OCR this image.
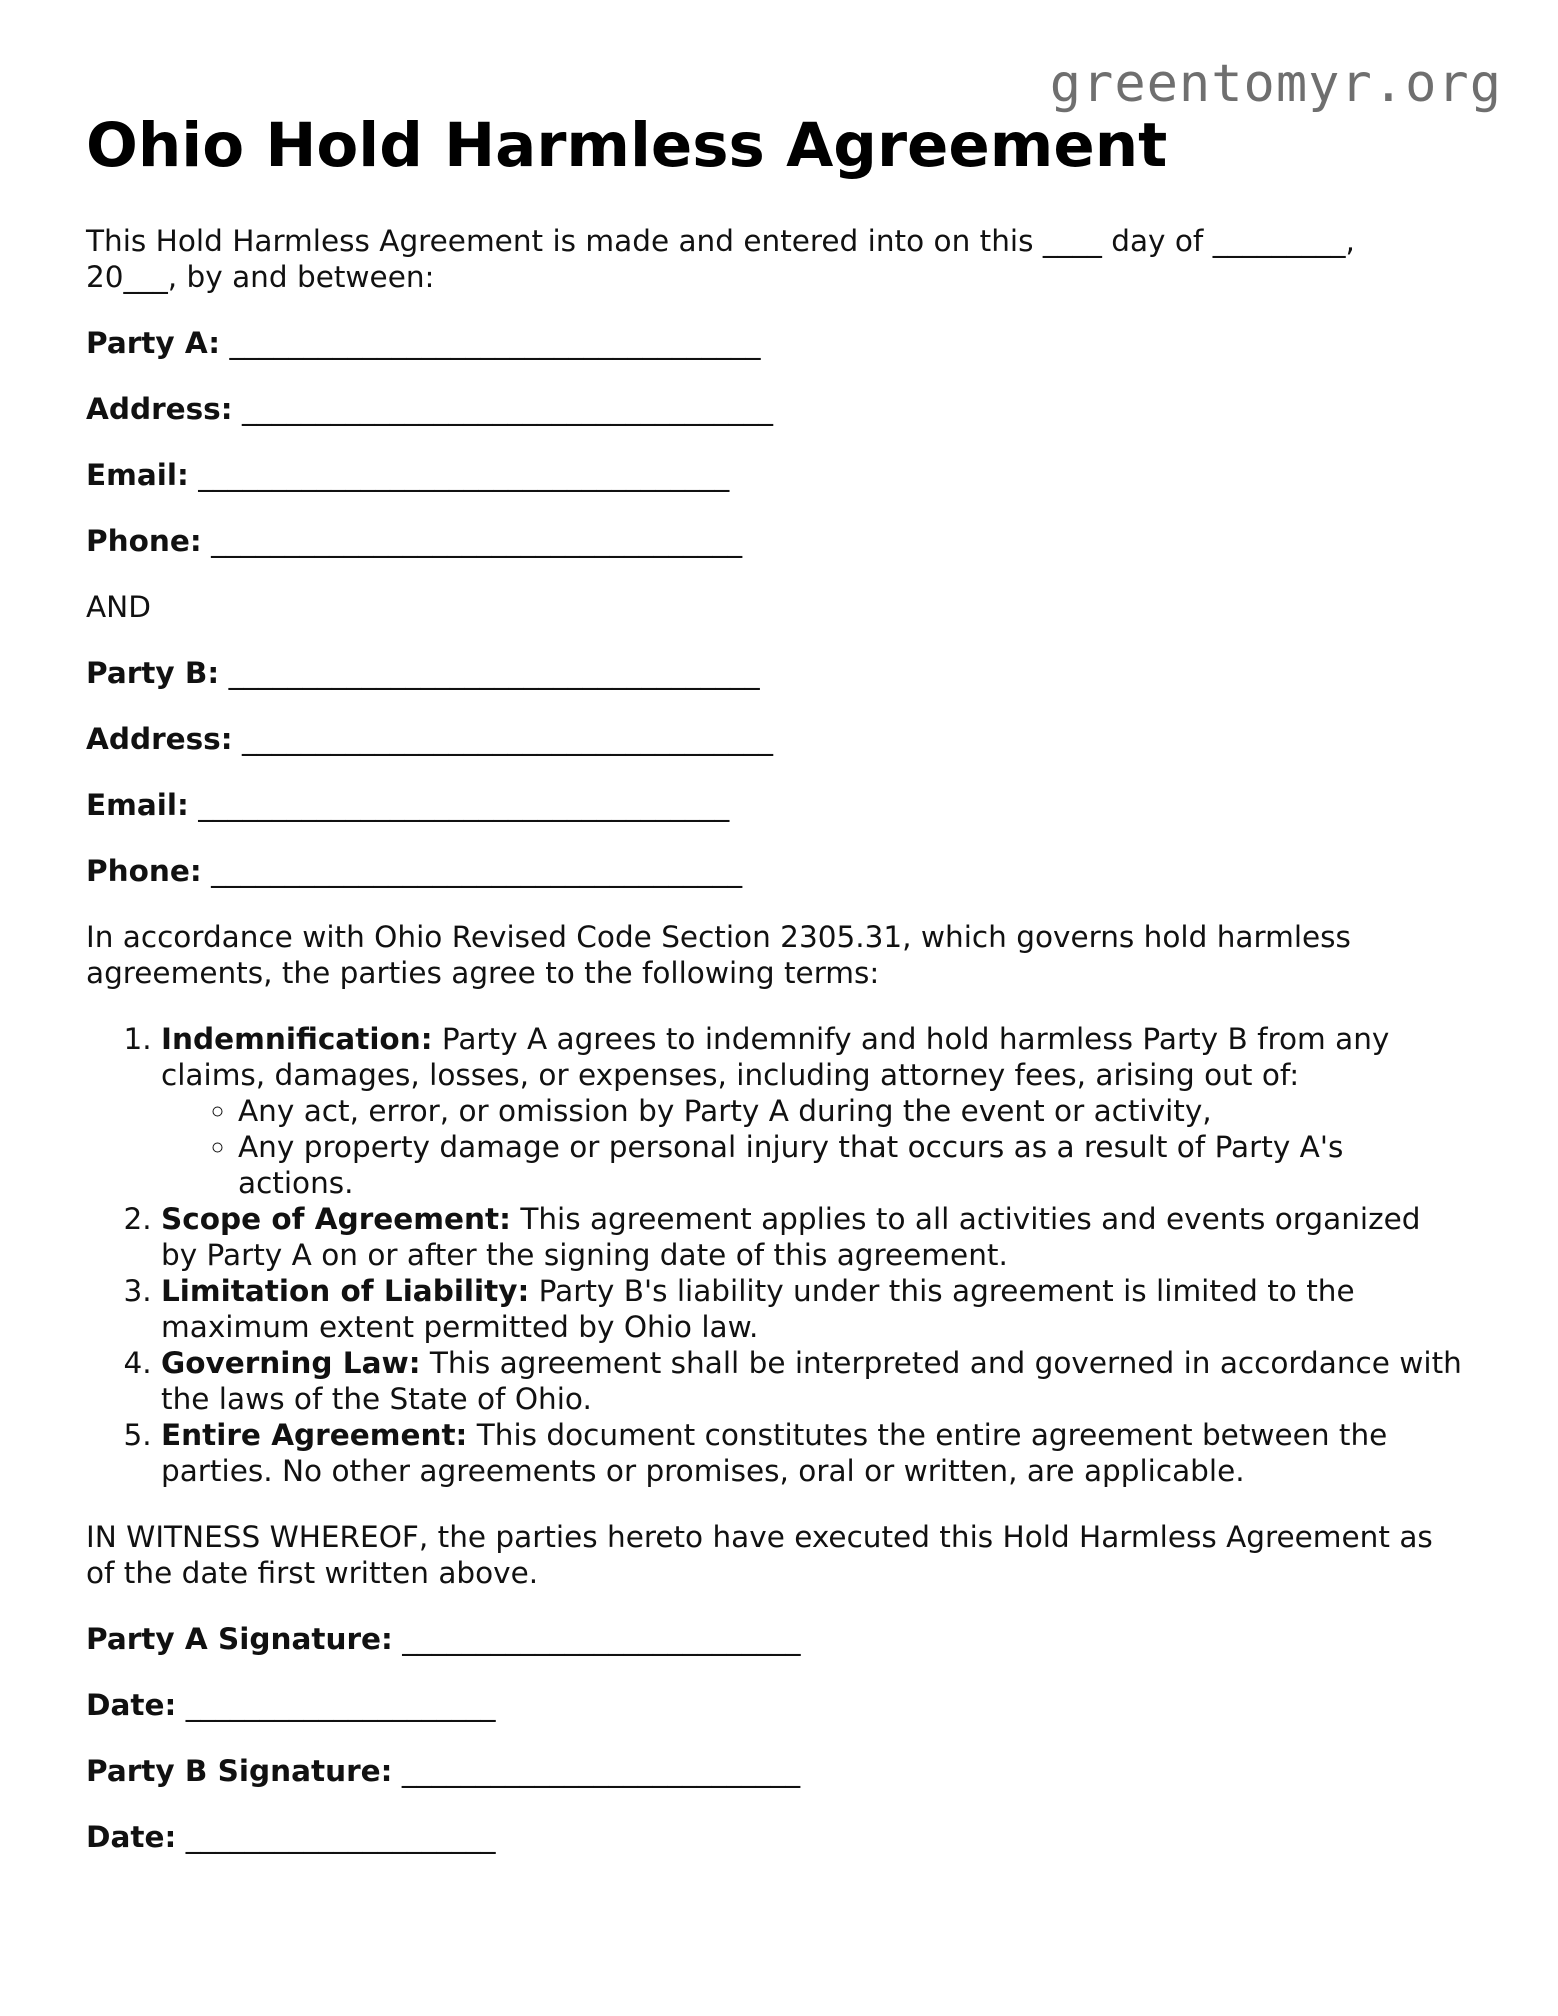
greentomyr.org
Ohio Hold Harmless Agreement

This Hold Harmless Agreement is made and entered into on this ____ day of _________,
20___, by and between:

Party A: ____________________________________
Address: ____________________________________
Email: ____________________________________
Phone: ____________________________________

AND

Party B: ____________________________________
Address: ____________________________________
Email: ____________________________________
Phone: ____________________________________

In accordance with Ohio Revised Code Section 2305.31, which governs hold harmless agreements, the parties agree to the following terms:

1. Indemnification: Party A agrees to indemnify and hold harmless Party B from any claims, damages, losses, or expenses, including attorney fees, arising out of:
◦ Any act, error, or omission by Party A during the event or activity,
◦ Any property damage or personal injury that occurs as a result of Party A's actions.
2. Scope of Agreement: This agreement applies to all activities and events organized by Party A on or after the signing date of this agreement.
3. Limitation of Liability: Party B's liability under this agreement is limited to the maximum extent permitted by Ohio law.
4. Governing Law: This agreement shall be interpreted and governed in accordance with the laws of the State of Ohio.
5. Entire Agreement: This document constitutes the entire agreement between the parties. No other agreements or promises, oral or written, are applicable.

IN WITNESS WHEREOF, the parties hereto have executed this Hold Harmless Agreement as of the date first written above.

Party A Signature: ___________________________
Date: _____________________
Party B Signature: ___________________________
Date: _____________________
